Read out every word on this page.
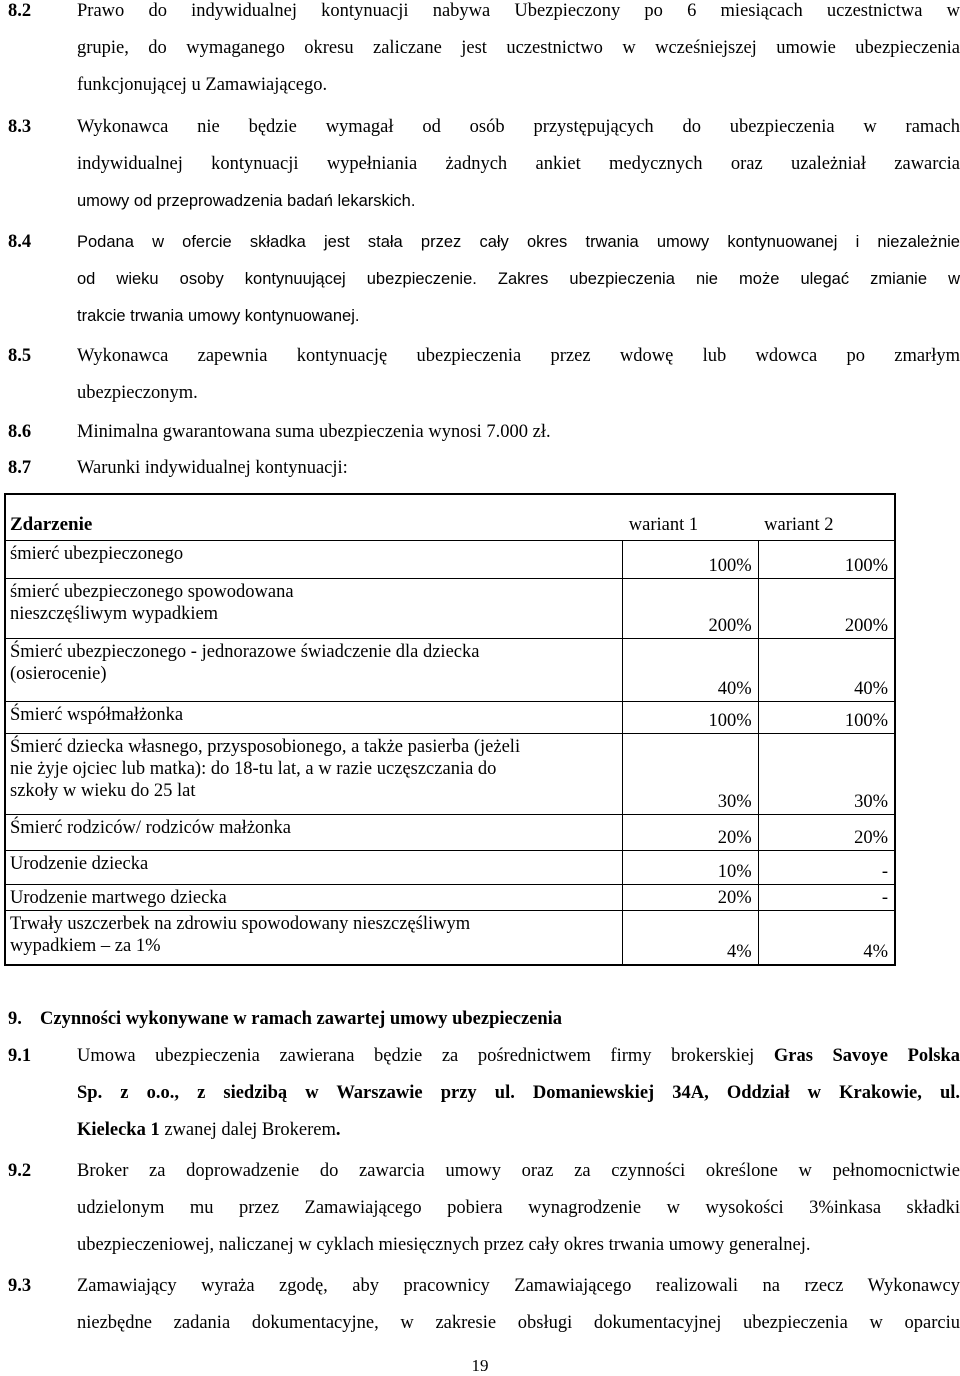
8.2 Prawo do indywidualnej kontynuacji nabywa Ubezpieczony po 6 miesiącach uczestnictwa w
grupie, do wymaganego okresu zaliczane jest uczestnictwo w wcześniejszej umowie ubezpieczenia
funkcjonującej u Zamawiającego.
8.3 Wykonawca nie będzie wymagał od osób przystępujących do ubezpieczenia w ramach
indywidualnej kontynuacji wypełniania żadnych ankiet medycznych oraz uzależniał zawarcia
umowy od przeprowadzenia badań lekarskich.
8.4	Podana w ofercie składka jest stała przez cały okres trwania umowy kontynuowanej i niezależnie
od wieku osoby kontynuującej ubezpieczenie. Zakres ubezpieczenia nie może ulegać zmianie w
trakcie trwania umowy kontynuowanej.
8.5 Wykonawca zapewnia kontynuację ubezpieczenia przez wdowę lub wdowca po zmarłym
ubezpieczonym.
8.6 Minimalna gwarantowana suma ubezpieczenia wynosi 7.000 zł.
8.7 Warunki indywidualnej kontynuacji:
Zdarzenie	wariant 1	wariant 2
śmierć ubezpieczonego	100%	100%

śmierć ubezpieczonego spowodowana
nieszczęśliwym wypadkiem	200%	200%

Śmierć ubezpieczonego - jednorazowe świadczenie dla dziecka
(osierocenie)	40%	40%
Śmierć współmałżonka	100%	100%

Śmierć dziecka własnego, przysposobionego, a także pasierba (jeżeli
nie żyje ojciec lub matka): do 18-tu lat, a w razie uczęszczania do
szkoły w wieku do 25 lat	30%	30%
Śmierć rodziców/ rodziców małżonka	20%	20%
Urodzenie dziecka	10%	-
Urodzenie martwego dziecka	20%	-

Trwały uszczerbek na zdrowiu spowodowany nieszczęśliwym
wypadkiem – za 1%	4%	4%
9. Czynności wykonywane w ramach zawartej umowy ubezpieczenia
9.1 Umowa ubezpieczenia zawierana będzie za pośrednictwem firmy brokerskiej Gras Savoye Polska
Sp. z o.o., z siedzibą w Warszawie przy ul. Domaniewskiej 34A, Oddział w Krakowie, ul.
Kielecka 1 zwanej dalej Brokerem.
9.2 Broker za doprowadzenie do zawarcia umowy oraz za czynności określone w pełnomocnictwie
udzielonym mu przez Zamawiającego pobiera wynagrodzenie w wysokości 3%inkasa składki
ubezpieczeniowej, naliczanej w cyklach miesięcznych przez cały okres trwania umowy generalnej.
9.3 Zamawiający wyraża zgodę, aby pracownicy Zamawiającego realizowali na rzecz Wykonawcy
niezbędne zadania dokumentacyjne, w zakresie obsługi dokumentacyjnej ubezpieczenia w oparciu
19
